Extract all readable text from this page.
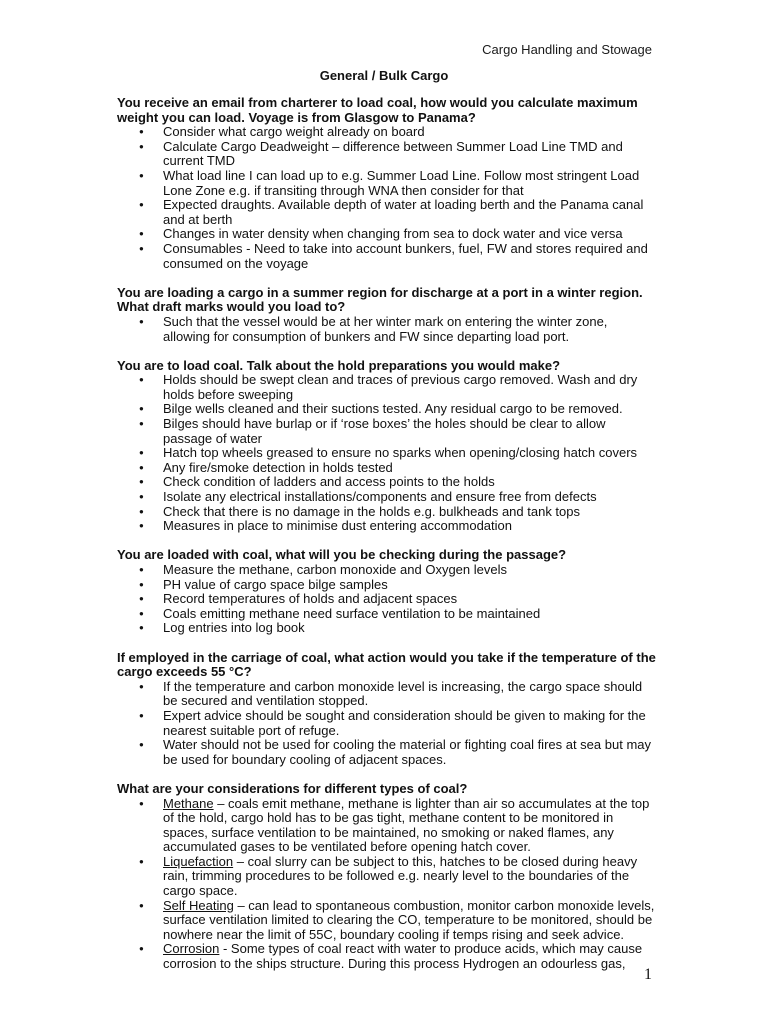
Cargo Handling and Stowage
General / Bulk Cargo
You receive an email from charterer to load coal, how would you calculate maximum weight you can load. Voyage is from Glasgow to Panama?
● Consider what cargo weight already on board
● Calculate Cargo Deadweight – difference between Summer Load Line TMD and current TMD
● What load line I can load up to e.g. Summer Load Line. Follow most stringent Load Lone Zone e.g. if transiting through WNA then consider for that
● Expected draughts. Available depth of water at loading berth and the Panama canal and at berth
● Changes in water density when changing from sea to dock water and vice versa
● Consumables - Need to take into account bunkers, fuel, FW and stores required and consumed on the voyage
You are loading a cargo in a summer region for discharge at a port in a winter region. What draft marks would you load to?
● Such that the vessel would be at her winter mark on entering the winter zone, allowing for consumption of bunkers and FW since departing load port.
You are to load coal. Talk about the hold preparations you would make?
● Holds should be swept clean and traces of previous cargo removed. Wash and dry holds before sweeping
● Bilge wells cleaned and their suctions tested. Any residual cargo to be removed.
● Bilges should have burlap or if ‘rose boxes’ the holes should be clear to allow passage of water
● Hatch top wheels greased to ensure no sparks when opening/closing hatch covers
● Any fire/smoke detection in holds tested
● Check condition of ladders and access points to the holds
● Isolate any electrical installations/components and ensure free from defects
● Check that there is no damage in the holds e.g. bulkheads and tank tops
● Measures in place to minimise dust entering accommodation
You are loaded with coal, what will you be checking during the passage?
● Measure the methane, carbon monoxide and Oxygen levels
● PH value of cargo space bilge samples
● Record temperatures of holds and adjacent spaces
● Coals emitting methane need surface ventilation to be maintained
● Log entries into log book
If employed in the carriage of coal, what action would you take if the temperature of the cargo exceeds 55 °C?
● If the temperature and carbon monoxide level is increasing, the cargo space should be secured and ventilation stopped.
● Expert advice should be sought and consideration should be given to making for the nearest suitable port of refuge.
● Water should not be used for cooling the material or fighting coal fires at sea but may be used for boundary cooling of adjacent spaces.
What are your considerations for different types of coal?
● Methane – coals emit methane, methane is lighter than air so accumulates at the top of the hold, cargo hold has to be gas tight, methane content to be monitored in spaces, surface ventilation to be maintained, no smoking or naked flames, any accumulated gases to be ventilated before opening hatch cover.
● Liquefaction – coal slurry can be subject to this, hatches to be closed during heavy rain, trimming procedures to be followed e.g. nearly level to the boundaries of the cargo space.
● Self Heating – can lead to spontaneous combustion, monitor carbon monoxide levels, surface ventilation limited to clearing the CO, temperature to be monitored, should be nowhere near the limit of 55C, boundary cooling if temps rising and seek advice.
● Corrosion - Some types of coal react with water to produce acids, which may cause corrosion to the ships structure. During this process Hydrogen an odourless gas,
1
